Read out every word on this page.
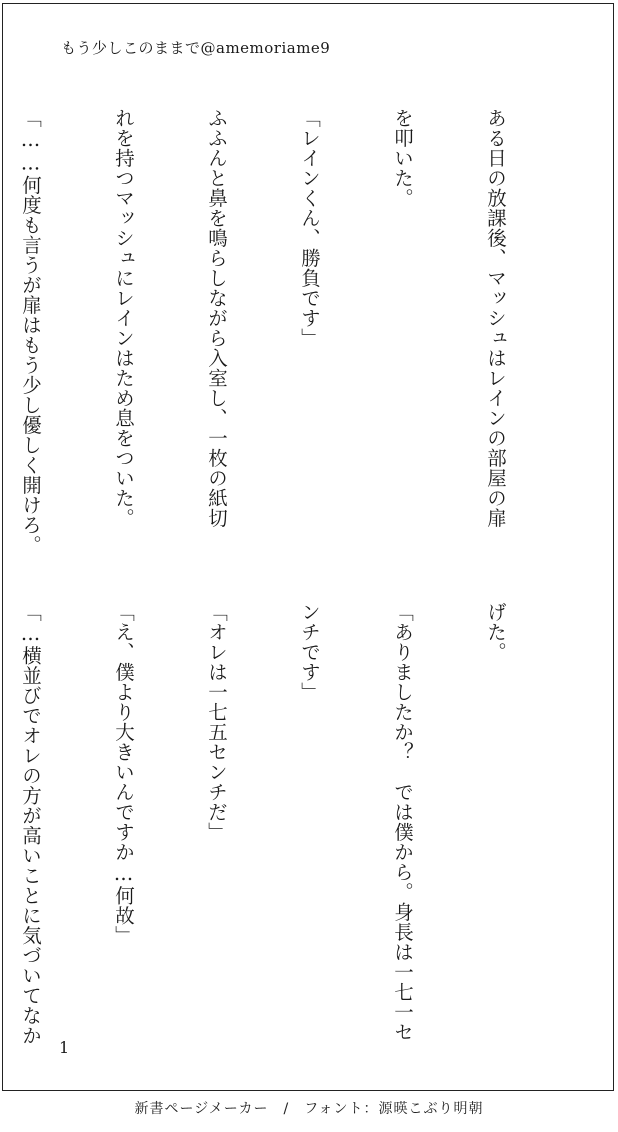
もう少しこのままで@amemoriame9

ある日の放課後、マッシュはレインの部屋の扉

を叩いた。

「レインくん、勝負です」

ふふんと鼻を鳴らしながら入室し、一枚の紙切

れを持つマッシュにレインはため息をついた。

「……何度も言うが扉はもう少し優しく開けろ。

げた。

「ありましたか？　では僕から。身長は一七一セ

ンチです」

「オレは一七五センチだ」

「え、僕より大きいんですか…何故」

「…横並びでオレの方が高いことに気づいてなか

1
新書ページメーカー　/　フォント：源暎こぶり明朝
